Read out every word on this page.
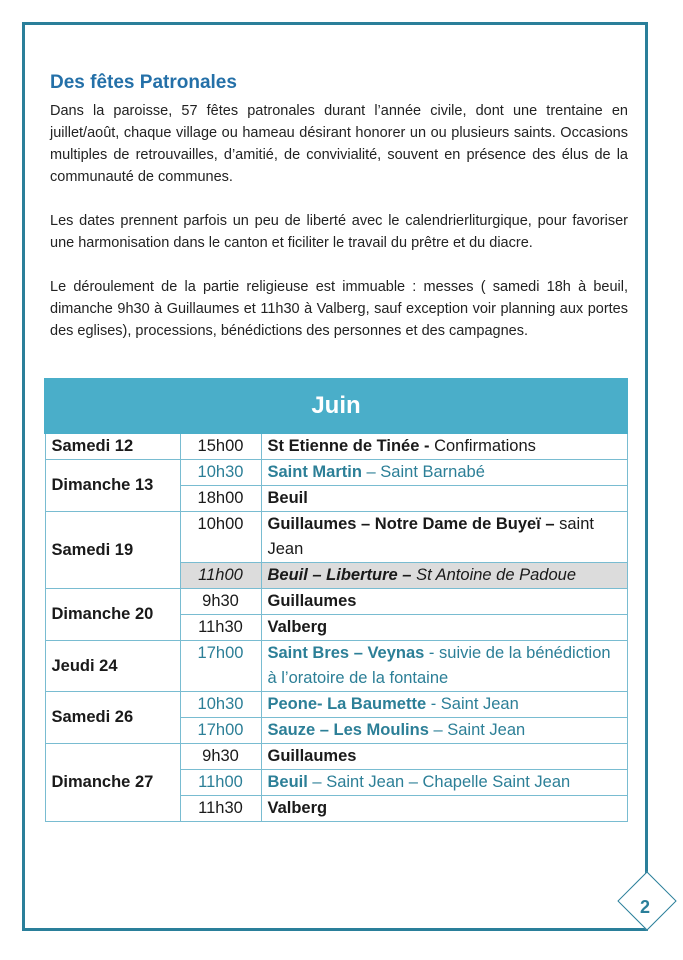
Des fêtes Patronales

Dans la paroisse, 57 fêtes patronales durant l’année civile, dont une trentaine en juillet/août, chaque village ou hameau désirant honorer un ou plusieurs saints. Occasions multiples de retrouvailles, d’amitié, de convivialité, souvent en présence des élus de la communauté de communes.

Les dates prennent parfois un peu de liberté avec le calendrierliturgique, pour favoriser une harmonisation dans le canton et ficiliter le travail du prêtre et du diacre.

Le déroulement de la partie religieuse est immuable : messes ( samedi 18h à beuil, dimanche 9h30 à Guillaumes et 11h30 à Valberg, sauf exception voir planning aux portes des eglises), processions, bénédictions des personnes et des campagnes.

Juin		
Samedi 12	15h00	St Etienne de Tinée - Confirmations
Dimanche 13	10h30	Saint Martin – Saint Barnabé
	18h00	Beuil
Samedi 19	10h00	Guillaumes – Notre Dame de Buyeï – saint Jean
	11h00	Beuil – Liberture – St Antoine de Padoue
Dimanche 20	9h30	Guillaumes
	11h30	Valberg
Jeudi 24	17h00	Saint Bres – Veynas - suivie de la bénédiction à l’oratoire de la fontaine
Samedi 26	10h30	Peone- La Baumette - Saint Jean
	17h00	Sauze – Les Moulins – Saint Jean
Dimanche 27	9h30	Guillaumes
	11h00	Beuil – Saint Jean – Chapelle Saint Jean
	11h30	Valberg
2
